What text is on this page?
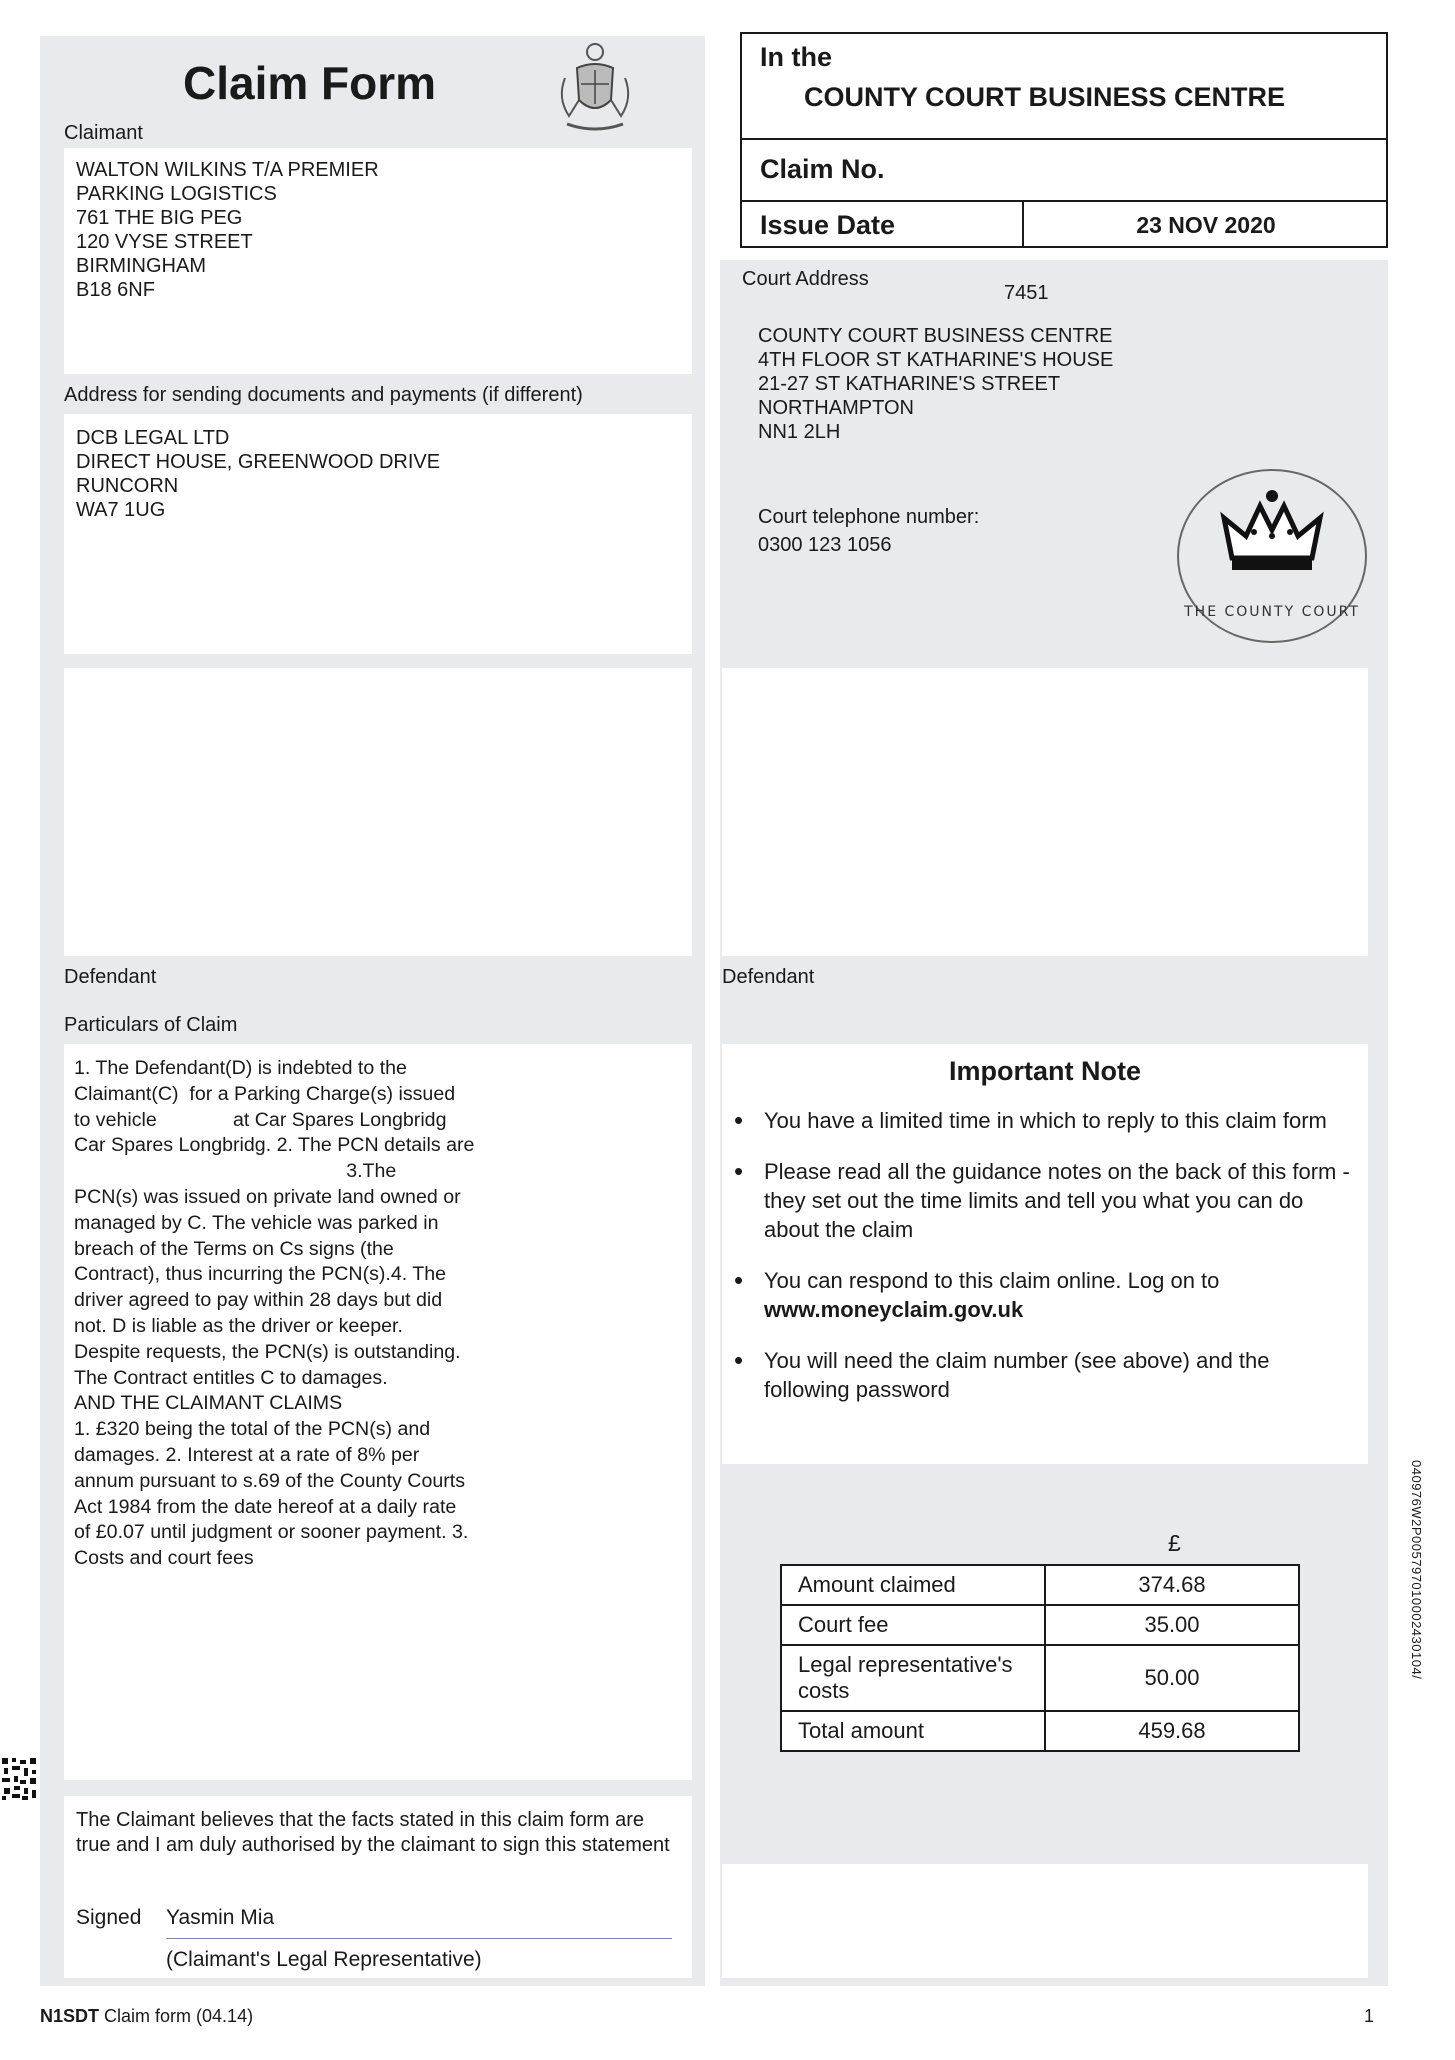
Claim Form
Claimant
WALTON WILKINS T/A PREMIER
PARKING LOGISTICS
761 THE BIG PEG
120 VYSE STREET
BIRMINGHAM
B18 6NF
Address for sending documents and payments (if different)
DCB LEGAL LTD
DIRECT HOUSE, GREENWOOD DRIVE
RUNCORN
WA7 1UG
Defendant	Defendant
In the
COUNTY COURT BUSINESS CENTRE
Claim No.
Issue Date	23 NOV 2020
Court Address
7451
COUNTY COURT BUSINESS CENTRE
4TH FLOOR ST KATHARINE'S HOUSE
21-27 ST KATHARINE'S STREET
NORTHAMPTON
NN1 2LH
Court telephone number:
0300 123 1056
THE COUNTY COURT
Particulars of Claim
1. The Defendant(D) is indebted to the
Claimant(C)  for a Parking Charge(s) issued
to vehicle              at Car Spares Longbridg
Car Spares Longbridg. 2. The PCN details are
3.The
PCN(s) was issued on private land owned or
managed by C. The vehicle was parked in
breach of the Terms on Cs signs (the
Contract), thus incurring the PCN(s).4. The
driver agreed to pay within 28 days but did
not. D is liable as the driver or keeper.
Despite requests, the PCN(s) is outstanding.
The Contract entitles C to damages.
AND THE CLAIMANT CLAIMS
1. £320 being the total of the PCN(s) and
damages. 2. Interest at a rate of 8% per
annum pursuant to s.69 of the County Courts
Act 1984 from the date hereof at a daily rate
of £0.07 until judgment or sooner payment. 3.
Costs and court fees
Important Note
• You have a limited time in which to reply to this claim form
• Please read all the guidance notes on the back of this form - they set out the time limits and tell you what you can do about the claim
• You can respond to this claim online. Log on to
www.moneyclaim.gov.uk
• You will need the claim number (see above) and the following password
£
Amount claimed	374.68
Court fee	35.00
Legal representative's costs	50.00
Total amount	459.68
The Claimant believes that the facts stated in this claim form are true and I am duly authorised by the claimant to sign this statement
Signed Yasmin Mia
(Claimant's Legal Representative)
040976W2P005797010002430104/
N1SDT Claim form (04.14)	1
